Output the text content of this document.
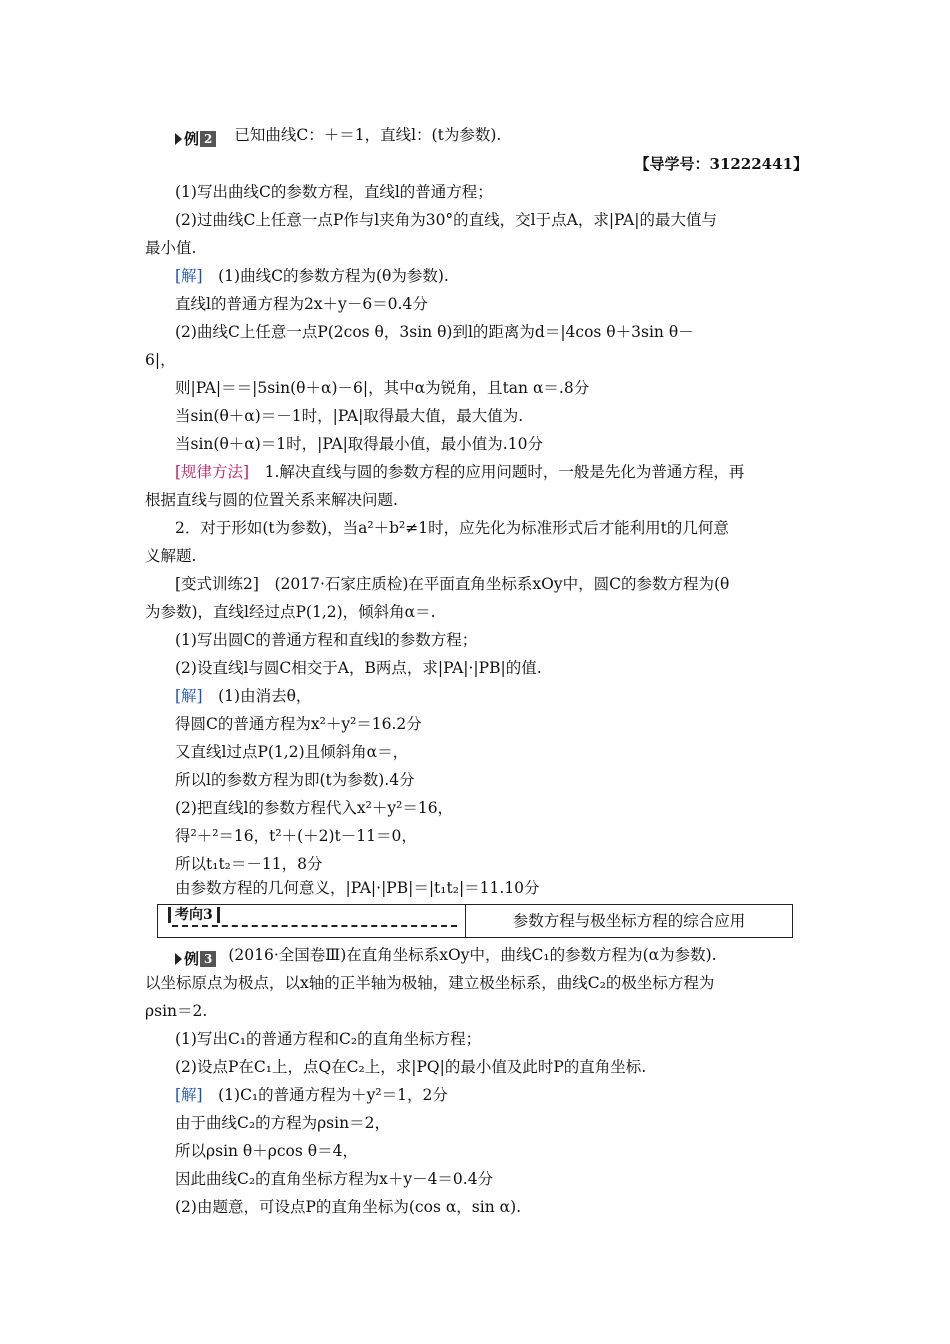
例 2 已知曲线C：＋＝1，直线l：(t为参数).
【导学号：31222441】
(1)写出曲线C的参数方程，直线l的普通方程；
(2)过曲线C上任意一点P作与l夹角为30°的直线，交l于点A，求|PA|的最大值与
最小值.
[解]　 (1)曲线C的参数方程为(θ为参数).
直线l的普通方程为2x＋y－6＝0.4分
(2)曲线C上任意一点P(2cos θ，3sin θ)到l的距离为d＝|4cos θ＋3sin θ－
6|，
则|PA|＝＝|5sin(θ＋α)－6|，其中α为锐角，且tan α＝.8分
当sin(θ＋α)＝－1时，|PA|取得最大值，最大值为.
当sin(θ＋α)＝1时，|PA|取得最小值，最小值为.10分
[规律方法]　 1.解决直线与圆的参数方程的应用问题时，一般是先化为普通方程，再
根据直线与圆的位置关系来解决问题.
2．对于形如(t为参数)，当a²＋b²≠1时，应先化为标准形式后才能利用t的几何意
义解题.
[变式训练2]　(2017·石家庄质检)在平面直角坐标系xOy中，圆C的参数方程为(θ
为参数)，直线l经过点P(1,2)，倾斜角α＝.
(1)写出圆C的普通方程和直线l的参数方程；
(2)设直线l与圆C相交于A，B两点，求|PA|·|PB|的值.
[解]　 (1)由消去θ，
得圆C的普通方程为x²＋y²＝16.2分
又直线l过点P(1,2)且倾斜角α＝，
所以l的参数方程为即(t为参数).4分
(2)把直线l的参数方程代入x²＋y²＝16，
得²＋²＝16，t²＋(＋2)t－11＝0，
所以t₁t₂＝－11，8分
由参数方程的几何意义，|PA|·|PB|＝|t₁t₂|＝11.10分
考向3	参数方程与极坐标方程的综合应用
例 3 (2016·全国卷Ⅲ)在直角坐标系xOy中，曲线C₁的参数方程为(α为参数).
以坐标原点为极点，以x轴的正半轴为极轴，建立极坐标系，曲线C₂的极坐标方程为
ρsin＝2.
(1)写出C₁的普通方程和C₂的直角坐标方程；
(2)设点P在C₁上，点Q在C₂上，求|PQ|的最小值及此时P的直角坐标.
[解]　 (1)C₁的普通方程为＋y²＝1，2分
由于曲线C₂的方程为ρsin＝2，
所以ρsin θ＋ρcos θ＝4，
因此曲线C₂的直角坐标方程为x＋y－4＝0.4分
(2)由题意，可设点P的直角坐标为(cos α，sin α).
